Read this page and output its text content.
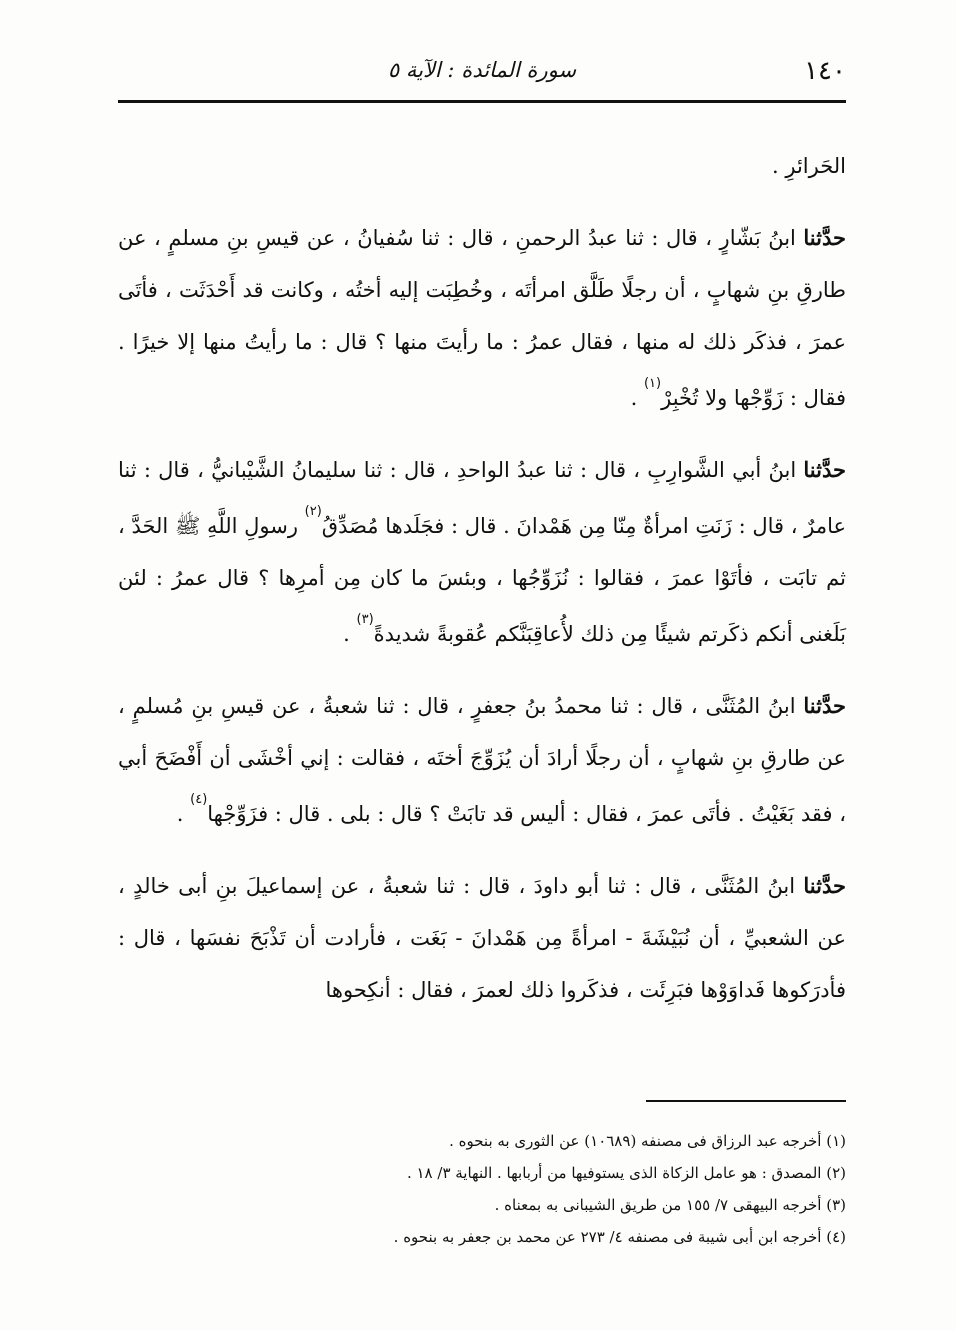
١٤٠
سورة المائدة : الآية ٥

الحَرائرِ .

حدَّثنا ابنُ بَشّارٍ ، قال : ثنا عبدُ الرحمنِ ، قال : ثنا سُفيانُ ، عن قيسِ بنِ مسلمٍ ، عن طارقِ بنِ شهابٍ ، أن رجلًا طَلَّق امرأتَه ، وخُطِبَت إليه أختُه ، وكانت قد أَحْدَثَت ، فأتَى عمرَ ، فذكَر ذلك له منها ، فقال عمرُ : ما رأيتَ منها ؟ قال : ما رأيتُ منها إلا خيرًا . فقال : زَوِّجْها ولا تُخْبِرْ$^{(١)}$ .

حدَّثنا ابنُ أبي الشَّوارِبِ ، قال : ثنا عبدُ الواحدِ ، قال : ثنا سليمانُ الشَّيْبانيُّ ، قال : ثنا عامرٌ ، قال : زَنَتِ امرأةٌ مِنّا مِن هَمْدانَ . قال : فجَلَدها مُصَدِّقُ$^{(٢)}$ رسولِ اللَّهِ ﷺ الحَدَّ ، ثم تابَت ، فأتَوْا عمرَ ، فقالوا : نُزَوِّجُها ، وبئسَ ما كان مِن أمرِها ؟ قال عمرُ : لئن بَلَغنى أنكم ذكَرتم شيئًا مِن ذلك لأُعاقِبَنَّكم عُقوبةً شديدةً$^{(٣)}$ .

حدَّثنا ابنُ المُثَنَّى ، قال : ثنا محمدُ بنُ جعفرٍ ، قال : ثنا شعبةُ ، عن قيسِ بنِ مُسلمٍ ، عن طارقِ بنِ شهابٍ ، أن رجلًا أرادَ أن يُزَوِّجَ أختَه ، فقالت : إني أخْشَى أن أَفْضَحَ أبي ، فقد بَغَيْتُ . فأتَى عمرَ ، فقال : أليس قد تابَتْ ؟ قال : بلى . قال : فزَوِّجْها$^{(٤)}$ .

حدَّثنا ابنُ المُثَنَّى ، قال : ثنا أبو داودَ ، قال : ثنا شعبةُ ، عن إسماعيلَ بنِ أبى خالدٍ ، عن الشعبيِّ ، أن نُبَيْشَةَ - امرأةً مِن هَمْدانَ - بَغَت ، فأرادت أن تَذْبَحَ نفسَها ، قال : فأدرَكوها فَداوَوْها فبَرِئَت ، فذكَروا ذلك لعمرَ ، فقال : أنكِحوها

(١) أخرجه عبد الرزاق فى مصنفه (١٠٦٨٩) عن الثورى به بنحوه .

(٢) المصدق : هو عامل الزكاة الذى يستوفيها من أربابها . النهاية ٣/ ١٨ .

(٣) أخرجه البيهقى ٧/ ١٥٥ من طريق الشيبانى به بمعناه .

(٤) أخرجه ابن أبى شيبة فى مصنفه ٤/ ٢٧٣ عن محمد بن جعفر به بنحوه .
